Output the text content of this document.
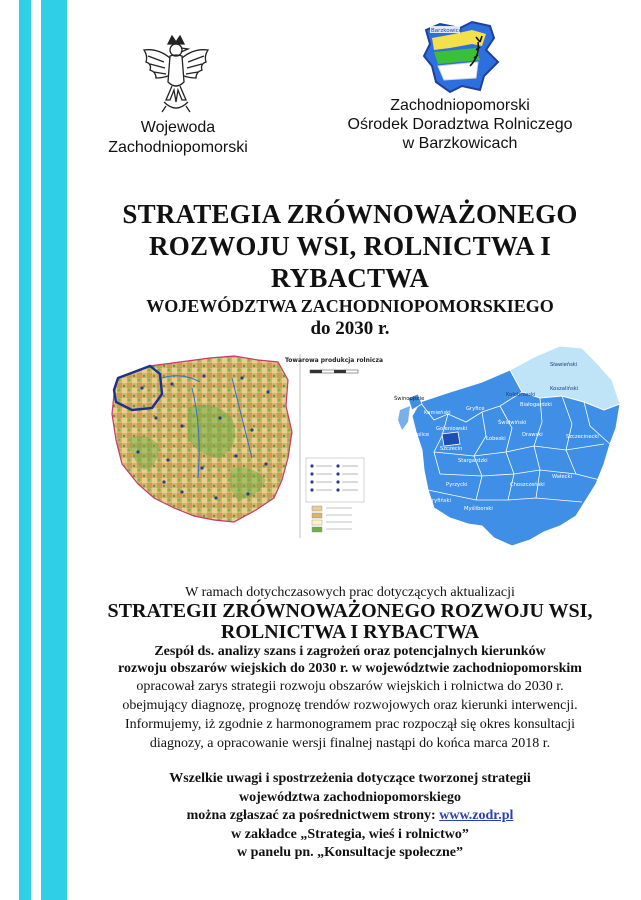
Wojewoda
Zachodniopomorski
Barzkowice
Zachodniopomorski
Ośrodek Doradztwa Rolniczego
w Barzkowicach
STRATEGIA ZRÓWNOWAŻONEGO
ROZWOJU WSI, ROLNICTWA I RYBACTWA
WOJEWÓDZTWA ZACHODNIOPOMORSKIEGO
do 2030 r.
Towarowa produkcja rolnicza
Świnoujście
Kamieński
Gryfice
Sławieński
Koszaliński
Kołobrzeski
Świdwiński
Szczecinecki
Białogardzki
Łobeski
Goleniowski
Police
Szczecin
Stargardzki
Drawski
Wałecki
Choszczeński
Pyrzycki
Myśliborski
Gryfiński
W ramach dotychczasowych prac dotyczących aktualizacji
STRATEGII ZRÓWNOWAŻONEGO ROZWOJU WSI,
ROLNICTWA I RYBACTWA
Zespół ds. analizy szans i zagrożeń oraz potencjalnych kierunków
rozwoju obszarów wiejskich do 2030 r. w województwie zachodniopomorskim
opracował zarys strategii rozwoju obszarów wiejskich i rolnictwa do 2030 r.
obejmujący diagnozę, prognozę trendów rozwojowych oraz kierunki interwencji.
Informujemy, iż zgodnie z harmonogramem prac rozpoczął się okres konsultacji
diagnozy, a opracowanie wersji finalnej nastąpi do końca marca 2018 r.
Wszelkie uwagi i spostrzeżenia dotyczące tworzonej strategii
województwa zachodniopomorskiego
można zgłaszać za pośrednictwem strony: www.zodr.pl
w zakładce „Strategia, wieś i rolnictwo”
w panelu pn. „Konsultacje społeczne”
